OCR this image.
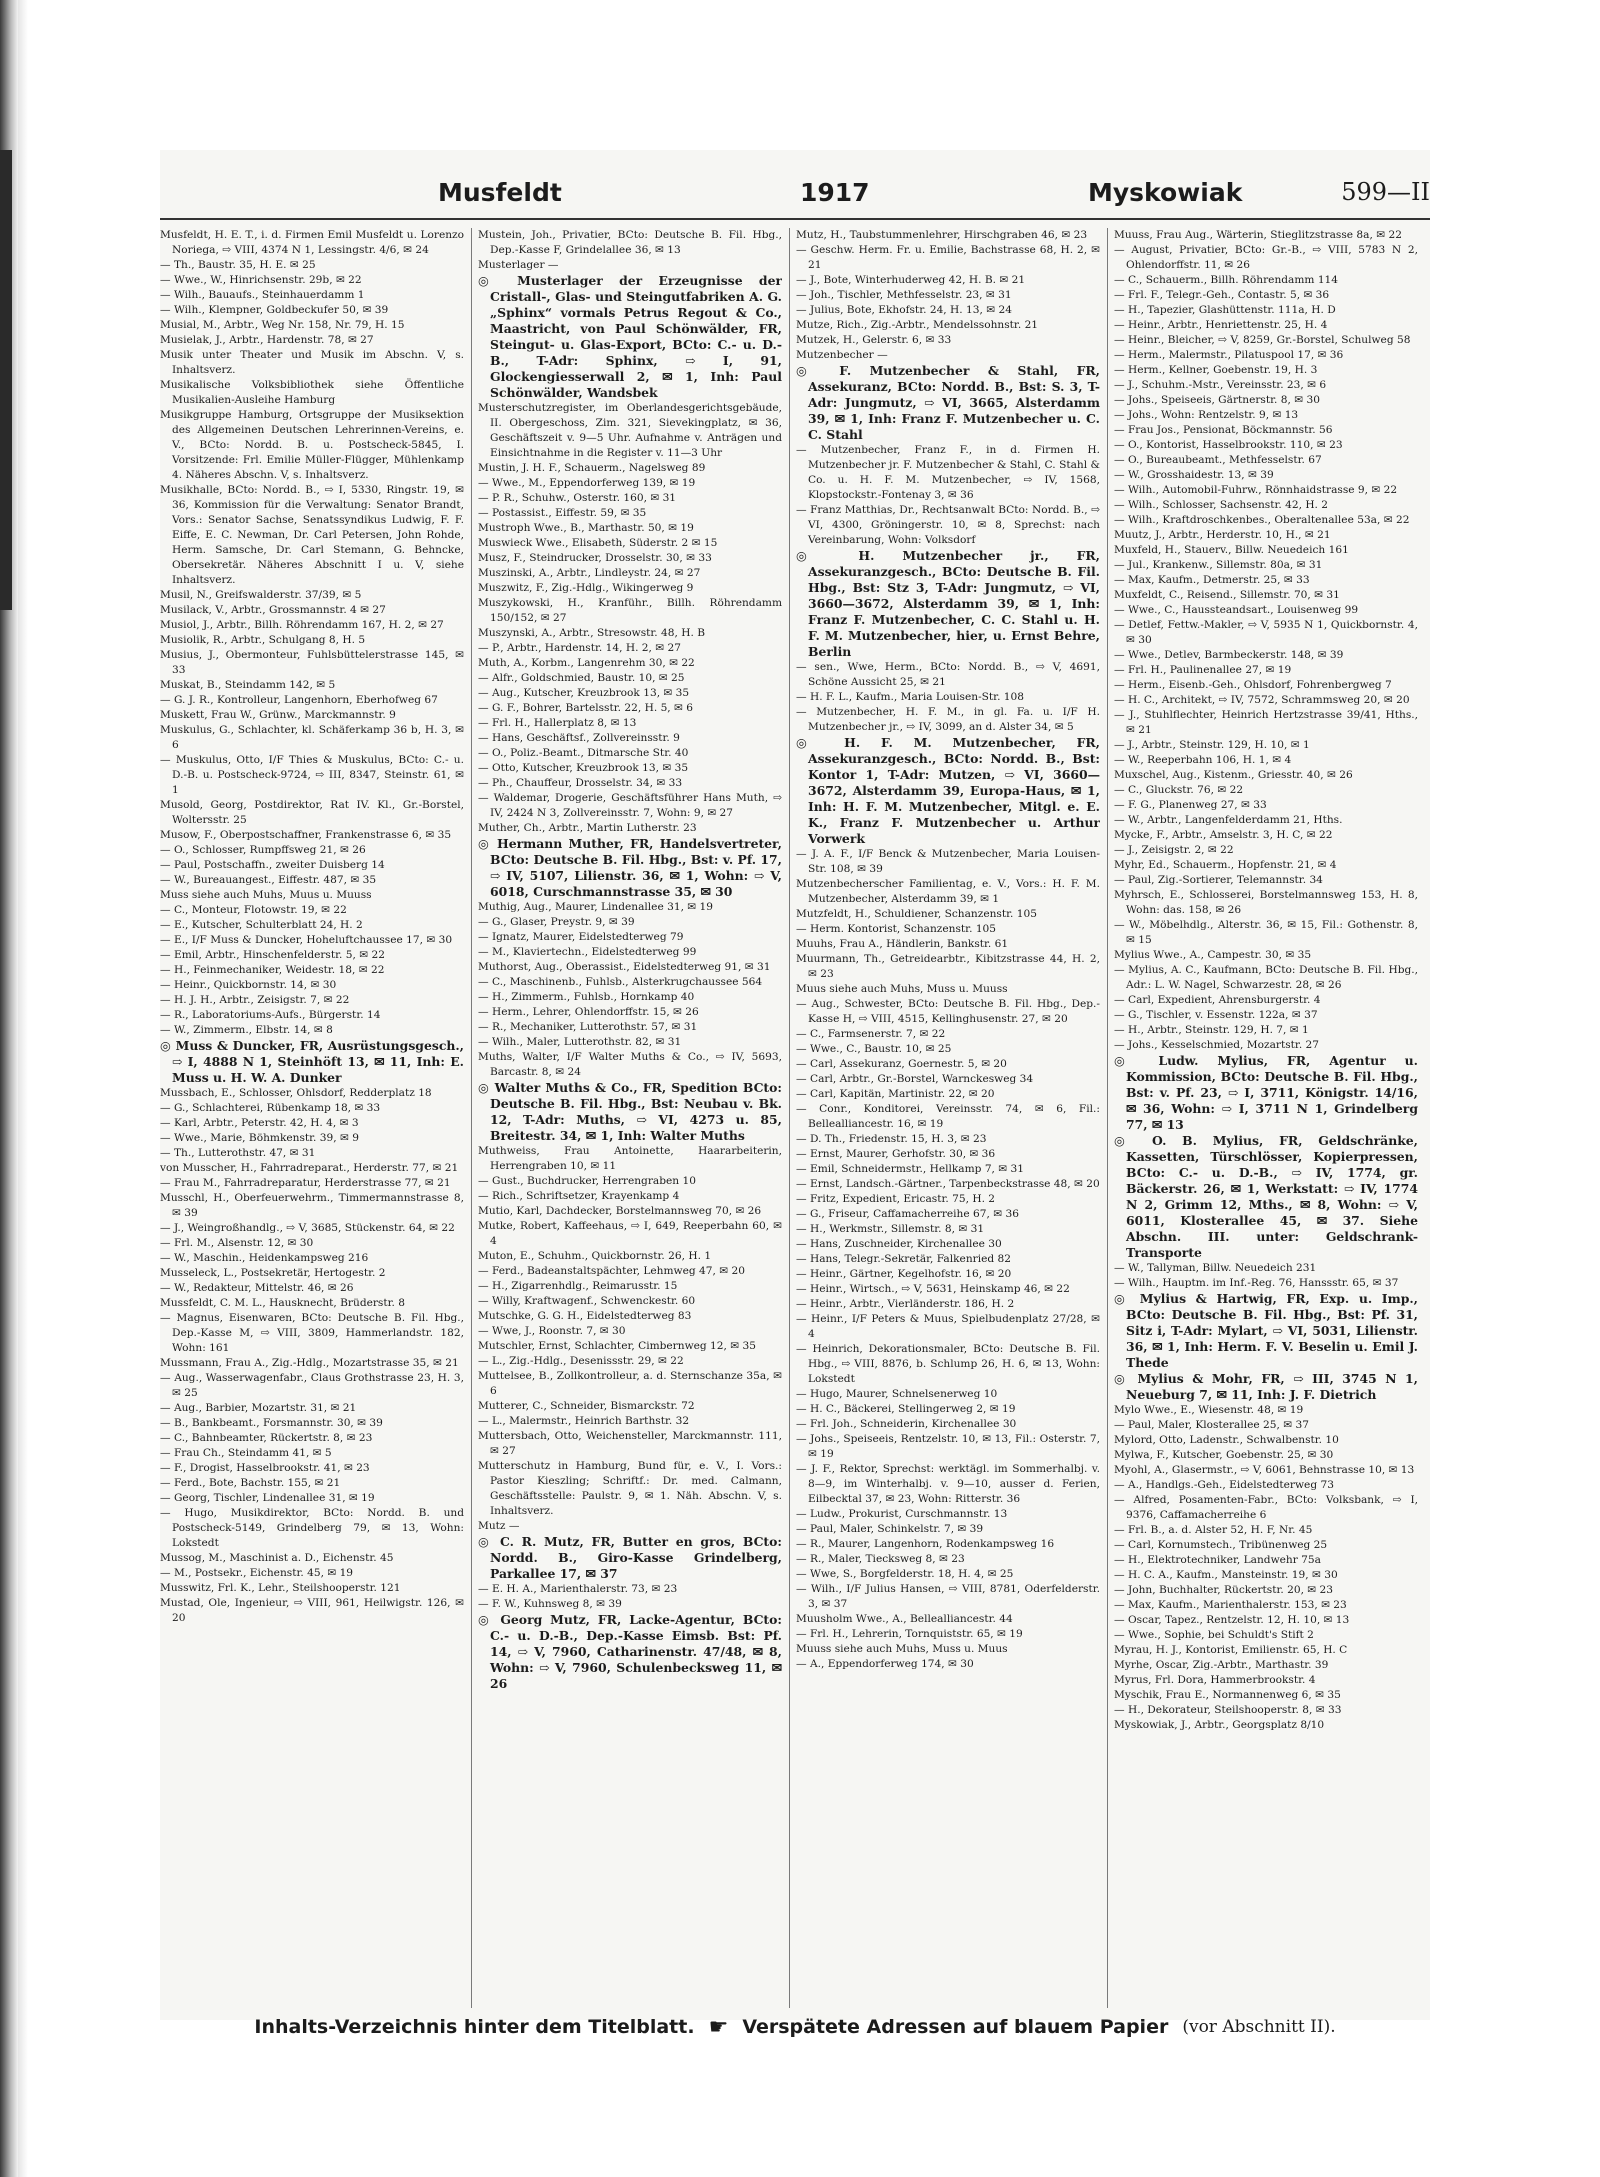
Musfeldt	1917	Myskowiak	599—II

Musfeldt, H. E. T., i. d. Firmen Emil Musfeldt u. Lorenzo Noriega, ⇨ VIII, 4374 N 1, Lessingstr. 4/6, ✉ 24

— Th., Baustr. 35, H. E. ✉ 25

— Wwe., W., Hinrichsenstr. 29b, ✉ 22

— Wilh., Bauaufs., Steinhauerdamm 1

— Wilh., Klempner, Goldbeckufer 50, ✉ 39

Musial, M., Arbtr., Weg Nr. 158, Nr. 79, H. 15

Musielak, J., Arbtr., Hardenstr. 78, ✉ 27

Musik unter Theater und Musik im Abschn. V, s. Inhaltsverz.

Musikalische Volksbibliothek siehe Öffentliche Musikalien-Ausleihe Hamburg

Musikgruppe Hamburg, Ortsgruppe der Musiksektion des Allgemeinen Deutschen Lehrerinnen-Vereins, e. V., BCto: Nordd. B. u. Postscheck-5845, I. Vorsitzende: Frl. Emilie Müller-Flügger, Mühlenkamp 4. Näheres Abschn. V, s. Inhaltsverz.

Musikhalle, BCto: Nordd. B., ⇨ I, 5330, Ringstr. 19, ✉ 36, Kommission für die Verwaltung: Senator Brandt, Vors.: Senator Sachse, Senatssyndikus Ludwig, F. F. Eiffe, E. C. Newman, Dr. Carl Petersen, John Rohde, Herm. Samsche, Dr. Carl Stemann, G. Behncke, Obersekretär. Näheres Abschnitt I u. V, siehe Inhaltsverz.

Musil, N., Greifswalderstr. 37/39, ✉ 5

Musilack, V., Arbtr., Grossmannstr. 4 ✉ 27

Musiol, J., Arbtr., Billh. Röhrendamm 167, H. 2, ✉ 27

Musiolik, R., Arbtr., Schulgang 8, H. 5

Musius, J., Obermonteur, Fuhlsbüttelerstrasse 145, ✉ 33

Muskat, B., Steindamm 142, ✉ 5

— G. J. R., Kontrolleur, Langenhorn, Eberhofweg 67

Muskett, Frau W., Grünw., Marckmannstr. 9

Muskulus, G., Schlachter, kl. Schäferkamp 36 b, H. 3, ✉ 6

— Muskulus, Otto, I/F Thies & Muskulus, BCto: C.- u. D.-B. u. Postscheck-9724, ⇨ III, 8347, Steinstr. 61, ✉ 1

Musold, Georg, Postdirektor, Rat IV. Kl., Gr.-Borstel, Woltersstr. 25

Musow, F., Oberpostschaffner, Frankenstrasse 6, ✉ 35

— O., Schlosser, Rumpffsweg 21, ✉ 26

— Paul, Postschaffn., zweiter Duisberg 14

— W., Bureauangest., Eiffestr. 487, ✉ 35

Muss siehe auch Muhs, Muus u. Muuss

— C., Monteur, Flotowstr. 19, ✉ 22

— E., Kutscher, Schulterblatt 24, H. 2

— E., I/F Muss & Duncker, Hoheluftchaussee 17, ✉ 30

— Emil, Arbtr., Hinschenfelderstr. 5, ✉ 22

— H., Feinmechaniker, Weidestr. 18, ✉ 22

— Heinr., Quickbornstr. 14, ✉ 30

— H. J. H., Arbtr., Zeisigstr. 7, ✉ 22

— R., Laboratoriums-Aufs., Bürgerstr. 14

— W., Zimmerm., Elbstr. 14, ✉ 8

◎ Muss & Duncker, FR, Ausrüstungsgesch., ⇨ I, 4888 N 1, Steinhöft 13, ✉ 11, Inh: E. Muss u. H. W. A. Dunker

Mussbach, E., Schlosser, Ohlsdorf, Redderplatz 18

— G., Schlachterei, Rübenkamp 18, ✉ 33

— Karl, Arbtr., Peterstr. 42, H. 4, ✉ 3

— Wwe., Marie, Böhmkenstr. 39, ✉ 9

— Th., Lutterothstr. 47, ✉ 31

von Musscher, H., Fahrradreparat., Herderstr. 77, ✉ 21

— Frau M., Fahrradreparatur, Herderstrasse 77, ✉ 21

Musschl, H., Oberfeuerwehrm., Timmermannstrasse 8, ✉ 39

— J., Weingroßhandlg., ⇨ V, 3685, Stückenstr. 64, ✉ 22

— Frl. M., Alsenstr. 12, ✉ 30

— W., Maschin., Heidenkampsweg 216

Musseleck, L., Postsekretär, Hertogestr. 2

— W., Redakteur, Mittelstr. 46, ✉ 26

Mussfeldt, C. M. L., Hausknecht, Brüderstr. 8

— Magnus, Eisenwaren, BCto: Deutsche B. Fil. Hbg., Dep.-Kasse M, ⇨ VIII, 3809, Hammerlandstr. 182, Wohn: 161

Mussmann, Frau A., Zig.-Hdlg., Mozartstrasse 35, ✉ 21

— Aug., Wasserwagenfabr., Claus Grothstrasse 23, H. 3, ✉ 25

— Aug., Barbier, Mozartstr. 31, ✉ 21

— B., Bankbeamt., Forsmannstr. 30, ✉ 39

— C., Bahnbeamter, Rückertstr. 8, ✉ 23

— Frau Ch., Steindamm 41, ✉ 5

— F., Drogist, Hasselbrookstr. 41, ✉ 23

— Ferd., Bote, Bachstr. 155, ✉ 21

— Georg, Tischler, Lindenallee 31, ✉ 19

— Hugo, Musikdirektor, BCto: Nordd. B. und Postscheck-5149, Grindelberg 79, ✉ 13, Wohn: Lokstedt

Mussog, M., Maschinist a. D., Eichenstr. 45

— M., Postsekr., Eichenstr. 45, ✉ 19

Musswitz, Frl. K., Lehr., Steilshooperstr. 121

Mustad, Ole, Ingenieur, ⇨ VIII, 961, Heilwigstr. 126, ✉ 20

Mustein, Joh., Privatier, BCto: Deutsche B. Fil. Hbg., Dep.-Kasse F, Grindelallee 36, ✉ 13

Musterlager —

◎ Musterlager der Erzeugnisse der Cristall-, Glas- und Steingutfabriken A. G. „Sphinx“ vormals Petrus Regout & Co., Maastricht, von Paul Schönwälder, FR, Steingut- u. Glas-Export, BCto: C.- u. D.-B., T-Adr: Sphinx, ⇨ I, 91, Glockengiesserwall 2, ✉ 1, Inh: Paul Schönwälder, Wandsbek

Musterschutzregister, im Oberlandesgerichtsgebäude, II. Obergeschoss, Zim. 321, Sievekingplatz, ✉ 36, Geschäftszeit v. 9—5 Uhr. Aufnahme v. Anträgen und Einsichtnahme in die Register v. 11—3 Uhr

Mustin, J. H. F., Schauerm., Nagelsweg 89

— Wwe., M., Eppendorferweg 139, ✉ 19

— P. R., Schuhw., Osterstr. 160, ✉ 31

— Postassist., Eiffestr. 59, ✉ 35

Mustroph Wwe., B., Marthastr. 50, ✉ 19

Muswieck Wwe., Elisabeth, Süderstr. 2 ✉ 15

Musz, F., Steindrucker, Drosselstr. 30, ✉ 33

Muszinski, A., Arbtr., Lindleystr. 24, ✉ 27

Muszwitz, F., Zig.-Hdlg., Wikingerweg 9

Muszykowski, H., Kranführ., Billh. Röhrendamm 150/152, ✉ 27

Muszynski, A., Arbtr., Stresowstr. 48, H. B

— P., Arbtr., Hardenstr. 14, H. 2, ✉ 27

Muth, A., Korbm., Langenrehm 30, ✉ 22

— Alfr., Goldschmied, Baustr. 10, ✉ 25

— Aug., Kutscher, Kreuzbrook 13, ✉ 35

— G. F., Bohrer, Bartelsstr. 22, H. 5, ✉ 6

— Frl. H., Hallerplatz 8, ✉ 13

— Hans, Geschäftsf., Zollvereinsstr. 9

— O., Poliz.-Beamt., Ditmarsche Str. 40

— Otto, Kutscher, Kreuzbrook 13, ✉ 35

— Ph., Chauffeur, Drosselstr. 34, ✉ 33

— Waldemar, Drogerie, Geschäftsführer Hans Muth, ⇨ IV, 2424 N 3, Zollvereinsstr. 7, Wohn: 9, ✉ 27

Muther, Ch., Arbtr., Martin Lutherstr. 23

◎ Hermann Muther, FR, Handelsvertreter, BCto: Deutsche B. Fil. Hbg., Bst: v. Pf. 17, ⇨ IV, 5107, Lilienstr. 36, ✉ 1, Wohn: ⇨ V, 6018, Curschmannstrasse 35, ✉ 30

Muthig, Aug., Maurer, Lindenallee 31, ✉ 19

— G., Glaser, Preystr. 9, ✉ 39

— Ignatz, Maurer, Eidelstedterweg 79

— M., Klaviertechn., Eidelstedterweg 99

Muthorst, Aug., Oberassist., Eidelstedterweg 91, ✉ 31

— C., Maschinenb., Fuhlsb., Alsterkrugchaussee 564

— H., Zimmerm., Fuhlsb., Hornkamp 40

— Herm., Lehrer, Ohlendorffstr. 15, ✉ 26

— R., Mechaniker, Lutterothstr. 57, ✉ 31

— Wilh., Maler, Lutterothstr. 82, ✉ 31

Muths, Walter, I/F Walter Muths & Co., ⇨ IV, 5693, Barcastr. 8, ✉ 24

◎ Walter Muths & Co., FR, Spedition BCto: Deutsche B. Fil. Hbg., Bst: Neubau v. Bk. 12, T-Adr: Muths, ⇨ VI, 4273 u. 85, Breitestr. 34, ✉ 1, Inh: Walter Muths

Muthweiss, Frau Antoinette, Haararbeiterin, Herrengraben 10, ✉ 11

— Gust., Buchdrucker, Herrengraben 10

— Rich., Schriftsetzer, Krayenkamp 4

Mutio, Karl, Dachdecker, Borstelmannsweg 70, ✉ 26

Mutke, Robert, Kaffeehaus, ⇨ I, 649, Reeperbahn 60, ✉ 4

Muton, E., Schuhm., Quickbornstr. 26, H. 1

— Ferd., Badeanstaltspächter, Lehmweg 47, ✉ 20

— H., Zigarrenhdlg., Reimarusstr. 15

— Willy, Kraftwagenf., Schwenckestr. 60

Mutschke, G. G. H., Eidelstedterweg 83

— Wwe, J., Roonstr. 7, ✉ 30

Mutschler, Ernst, Schlachter, Cimbernweg 12, ✉ 35

— L., Zig.-Hdlg., Desenissstr. 29, ✉ 22

Muttelsee, B., Zollkontrolleur, a. d. Sternschanze 35a, ✉ 6

Mutterer, C., Schneider, Bismarckstr. 72

— L., Malermstr., Heinrich Barthstr. 32

Muttersbach, Otto, Weichensteller, Marckmannstr. 111, ✉ 27

Mutterschutz in Hamburg, Bund für, e. V., I. Vors.: Pastor Kieszling; Schriftf.: Dr. med. Calmann, Geschäftsstelle: Paulstr. 9, ✉ 1. Näh. Abschn. V, s. Inhaltsverz.

Mutz —

◎ C. R. Mutz, FR, Butter en gros, BCto: Nordd. B., Giro-Kasse Grindelberg, Parkallee 17, ✉ 37

— E. H. A., Marienthalerstr. 73, ✉ 23

— F. W., Kuhnsweg 8, ✉ 39

◎ Georg Mutz, FR, Lacke-Agentur, BCto: C.- u. D.-B., Dep.-Kasse Eimsb. Bst: Pf. 14, ⇨ V, 7960, Catharinenstr. 47/48, ✉ 8, Wohn: ⇨ V, 7960, Schulenbecksweg 11, ✉ 26

Mutz, H., Taubstummenlehrer, Hirschgraben 46, ✉ 23

— Geschw. Herm. Fr. u. Emilie, Bachstrasse 68, H. 2, ✉ 21

— J., Bote, Winterhuderweg 42, H. B. ✉ 21

— Joh., Tischler, Methfesselstr. 23, ✉ 31

— Julius, Bote, Ekhofstr. 24, H. 13, ✉ 24

Mutze, Rich., Zig.-Arbtr., Mendelssohnstr. 21

Mutzek, H., Gelerstr. 6, ✉ 33

Mutzenbecher —

◎ F. Mutzenbecher & Stahl, FR, Assekuranz, BCto: Nordd. B., Bst: S. 3, T-Adr: Jungmutz, ⇨ VI, 3665, Alsterdamm 39, ✉ 1, Inh: Franz F. Mutzenbecher u. C. C. Stahl

— Mutzenbecher, Franz F., in d. Firmen H. Mutzenbecher jr. F. Mutzenbecher & Stahl, C. Stahl & Co. u. H. F. M. Mutzenbecher, ⇨ IV, 1568, Klopstockstr.-Fontenay 3, ✉ 36

— Franz Matthias, Dr., Rechtsanwalt BCto: Nordd. B., ⇨ VI, 4300, Gröningerstr. 10, ✉ 8, Sprechst: nach Vereinbarung, Wohn: Volksdorf

◎ H. Mutzenbecher jr., FR, Assekuranzgesch., BCto: Deutsche B. Fil. Hbg., Bst: Stz 3, T-Adr: Jungmutz, ⇨ VI, 3660—3672, Alsterdamm 39, ✉ 1, Inh: Franz F. Mutzenbecher, C. C. Stahl u. H. F. M. Mutzenbecher, hier, u. Ernst Behre, Berlin

— sen., Wwe, Herm., BCto: Nordd. B., ⇨ V, 4691, Schöne Aussicht 25, ✉ 21

— H. F. L., Kaufm., Maria Louisen-Str. 108

— Mutzenbecher, H. F. M., in gl. Fa. u. I/F H. Mutzenbecher jr., ⇨ IV, 3099, an d. Alster 34, ✉ 5

◎ H. F. M. Mutzenbecher, FR, Assekuranzgesch., BCto: Nordd. B., Bst: Kontor 1, T-Adr: Mutzen, ⇨ VI, 3660—3672, Alsterdamm 39, Europa-Haus, ✉ 1, Inh: H. F. M. Mutzenbecher, Mitgl. e. E. K., Franz F. Mutzenbecher u. Arthur Vorwerk

— J. A. F., I/F Benck & Mutzenbecher, Maria Louisen-Str. 108, ✉ 39

Mutzenbecherscher Familientag, e. V., Vors.: H. F. M. Mutzenbecher, Alsterdamm 39, ✉ 1

Mutzfeldt, H., Schuldiener, Schanzenstr. 105

— Herm. Kontorist, Schanzenstr. 105

Muuhs, Frau A., Händlerin, Bankstr. 61

Muurmann, Th., Getreidearbtr., Kibitzstrasse 44, H. 2, ✉ 23

Muus siehe auch Muhs, Muss u. Muuss

— Aug., Schwester, BCto: Deutsche B. Fil. Hbg., Dep.-Kasse H, ⇨ VIII, 4515, Kellinghusenstr. 27, ✉ 20

— C., Farmsenerstr. 7, ✉ 22

— Wwe., C., Baustr. 10, ✉ 25

— Carl, Assekuranz, Goernestr. 5, ✉ 20

— Carl, Arbtr., Gr.-Borstel, Warnckesweg 34

— Carl, Kapitän, Martinistr. 22, ✉ 20

— Conr., Konditorei, Vereinsstr. 74, ✉ 6, Fil.: Bellealliancestr. 16, ✉ 19

— D. Th., Friedenstr. 15, H. 3, ✉ 23

— Ernst, Maurer, Gerhofstr. 30, ✉ 36

— Emil, Schneidermstr., Hellkamp 7, ✉ 31

— Ernst, Landsch.-Gärtner., Tarpenbeckstrasse 48, ✉ 20

— Fritz, Expedient, Ericastr. 75, H. 2

— G., Friseur, Caffamacherreihe 67, ✉ 36

— H., Werkmstr., Sillemstr. 8, ✉ 31

— Hans, Zuschneider, Kirchenallee 30

— Hans, Telegr.-Sekretär, Falkenried 82

— Heinr., Gärtner, Kegelhofstr. 16, ✉ 20

— Heinr., Wirtsch., ⇨ V, 5631, Heinskamp 46, ✉ 22

— Heinr., Arbtr., Vierländerstr. 186, H. 2

— Heinr., I/F Peters & Muus, Spielbudenplatz 27/28, ✉ 4

— Heinrich, Dekorationsmaler, BCto: Deutsche B. Fil. Hbg., ⇨ VIII, 8876, b. Schlump 26, H. 6, ✉ 13, Wohn: Lokstedt

— Hugo, Maurer, Schnelsenerweg 10

— H. C., Bäckerei, Stellingerweg 2, ✉ 19

— Frl. Joh., Schneiderin, Kirchenallee 30

— Johs., Speiseeis, Rentzelstr. 10, ✉ 13, Fil.: Osterstr. 7, ✉ 19

— J. F., Rektor, Sprechst: werktägl. im Sommerhalbj. v. 8—9, im Winterhalbj. v. 9—10, ausser d. Ferien, Eilbecktal 37, ✉ 23, Wohn: Ritterstr. 36

— Ludw., Prokurist, Curschmannstr. 13

— Paul, Maler, Schinkelstr. 7, ✉ 39

— R., Maurer, Langenhorn, Rodenkampsweg 16

— R., Maler, Tiecksweg 8, ✉ 23

— Wwe, S., Borgfelderstr. 18, H. 4, ✉ 25

— Wilh., I/F Julius Hansen, ⇨ VIII, 8781, Oderfelderstr. 3, ✉ 37

Muusholm Wwe., A., Bellealliancestr. 44

— Frl. H., Lehrerin, Tornquiststr. 65, ✉ 19

Muuss siehe auch Muhs, Muss u. Muus

— A., Eppendorferweg 174, ✉ 30

Muuss, Frau Aug., Wärterin, Stieglitzstrasse 8a, ✉ 22

— August, Privatier, BCto: Gr.-B., ⇨ VIII, 5783 N 2, Ohlendorffstr. 11, ✉ 26

— C., Schauerm., Billh. Röhrendamm 114

— Frl. F., Telegr.-Geh., Contastr. 5, ✉ 36

— H., Tapezier, Glashüttenstr. 111a, H. D

— Heinr., Arbtr., Henriettenstr. 25, H. 4

— Heinr., Bleicher, ⇨ V, 8259, Gr.-Borstel, Schulweg 58

— Herm., Malermstr., Pilatuspool 17, ✉ 36

— Herm., Kellner, Goebenstr. 19, H. 3

— J., Schuhm.-Mstr., Vereinsstr. 23, ✉ 6

— Johs., Speiseeis, Gärtnerstr. 8, ✉ 30

— Johs., Wohn: Rentzelstr. 9, ✉ 13

— Frau Jos., Pensionat, Böckmannstr. 56

— O., Kontorist, Hasselbrookstr. 110, ✉ 23

— O., Bureaubeamt., Methfesselstr. 67

— W., Grosshaidestr. 13, ✉ 39

— Wilh., Automobil-Fuhrw., Rönnhaidstrasse 9, ✉ 22

— Wilh., Schlosser, Sachsenstr. 42, H. 2

— Wilh., Kraftdroschkenbes., Oberaltenallee 53a, ✉ 22

Muutz, J., Arbtr., Herderstr. 10, H., ✉ 21

Muxfeld, H., Stauerv., Billw. Neuedeich 161

— Jul., Krankenw., Sillemstr. 80a, ✉ 31

— Max, Kaufm., Detmerstr. 25, ✉ 33

Muxfeldt, C., Reisend., Sillemstr. 70, ✉ 31

— Wwe., C., Haussteandsart., Louisenweg 99

— Detlef, Fettw.-Makler, ⇨ V, 5935 N 1, Quickbornstr. 4, ✉ 30

— Wwe., Detlev, Barmbeckerstr. 148, ✉ 39

— Frl. H., Paulinenallee 27, ✉ 19

— Herm., Eisenb.-Geh., Ohlsdorf, Fohrenbergweg 7

— H. C., Architekt, ⇨ IV, 7572, Schrammsweg 20, ✉ 20

— J., Stuhlflechter, Heinrich Hertzstrasse 39/41, Hths., ✉ 21

— J., Arbtr., Steinstr. 129, H. 10, ✉ 1

— W., Reeperbahn 106, H. 1, ✉ 4

Muxschel, Aug., Kistenm., Griesstr. 40, ✉ 26

— C., Gluckstr. 76, ✉ 22

— F. G., Planenweg 27, ✉ 33

— W., Arbtr., Langenfelderdamm 21, Hths.

Mycke, F., Arbtr., Amselstr. 3, H. C, ✉ 22

— J., Zeisigstr. 2, ✉ 22

Myhr, Ed., Schauerm., Hopfenstr. 21, ✉ 4

— Paul, Zig.-Sortierer, Telemannstr. 34

Myhrsch, E., Schlosserei, Borstelmannsweg 153, H. 8, Wohn: das. 158, ✉ 26

— W., Möbelhdlg., Alterstr. 36, ✉ 15, Fil.: Gothenstr. 8, ✉ 15

Mylius Wwe., A., Campestr. 30, ✉ 35

— Mylius, A. C., Kaufmann, BCto: Deutsche B. Fil. Hbg., Adr.: L. W. Nagel, Schwarzestr. 28, ✉ 26

— Carl, Expedient, Ahrensburgerstr. 4

— G., Tischler, v. Essenstr. 122a, ✉ 37

— H., Arbtr., Steinstr. 129, H. 7, ✉ 1

— Johs., Kesselschmied, Mozartstr. 27

◎ Ludw. Mylius, FR, Agentur u. Kommission, BCto: Deutsche B. Fil. Hbg., Bst: v. Pf. 23, ⇨ I, 3711, Königstr. 14/16, ✉ 36, Wohn: ⇨ I, 3711 N 1, Grindelberg 77, ✉ 13

◎ O. B. Mylius, FR, Geldschränke, Kassetten, Türschlösser, Kopierpressen, BCto: C.- u. D.-B., ⇨ IV, 1774, gr. Bäckerstr. 26, ✉ 1, Werkstatt: ⇨ IV, 1774 N 2, Grimm 12, Mths., ✉ 8, Wohn: ⇨ V, 6011, Klosterallee 45, ✉ 37. Siehe Abschn. III. unter: Geldschrank-Transporte

— W., Tallyman, Billw. Neuedeich 231

— Wilh., Hauptm. im Inf.-Reg. 76, Hanssstr. 65, ✉ 37

◎ Mylius & Hartwig, FR, Exp. u. Imp., BCto: Deutsche B. Fil. Hbg., Bst: Pf. 31, Sitz i, T-Adr: Mylart, ⇨ VI, 5031, Lilienstr. 36, ✉ 1, Inh: Herm. F. V. Beselin u. Emil J. Thede

◎ Mylius & Mohr, FR, ⇨ III, 3745 N 1, Neueburg 7, ✉ 11, Inh: J. F. Dietrich

Mylo Wwe., E., Wiesenstr. 48, ✉ 19

— Paul, Maler, Klosterallee 25, ✉ 37

Mylord, Otto, Ladenstr., Schwalbenstr. 10

Mylwa, F., Kutscher, Goebenstr. 25, ✉ 30

Myohl, A., Glasermstr., ⇨ V, 6061, Behnstrasse 10, ✉ 13

— A., Handlgs.-Geh., Eidelstedterweg 73

— Alfred, Posamenten-Fabr., BCto: Volksbank, ⇨ I, 9376, Caffamacherreihe 6

— Frl. B., a. d. Alster 52, H. F, Nr. 45

— Carl, Kornumstech., Tribünenweg 25

— H., Elektrotechniker, Landwehr 75a

— H. C. A., Kaufm., Mansteinstr. 19, ✉ 30

— John, Buchhalter, Rückertstr. 20, ✉ 23

— Max, Kaufm., Marienthalerstr. 153, ✉ 23

— Oscar, Tapez., Rentzelstr. 12, H. 10, ✉ 13

— Wwe., Sophie, bei Schuldt's Stift 2

Myrau, H. J., Kontorist, Emilienstr. 65, H. C

Myrhe, Oscar, Zig.-Arbtr., Marthastr. 39

Myrus, Frl. Dora, Hammerbrookstr. 4

Myschik, Frau E., Normannenweg 6, ✉ 35

— H., Dekorateur, Steilshooperstr. 8, ✉ 33

Myskowiak, J., Arbtr., Georgsplatz 8/10

Inhalts-Verzeichnis hinter dem Titelblatt. ☛ Verspätete Adressen auf blauem Papier (vor Abschnitt II).
